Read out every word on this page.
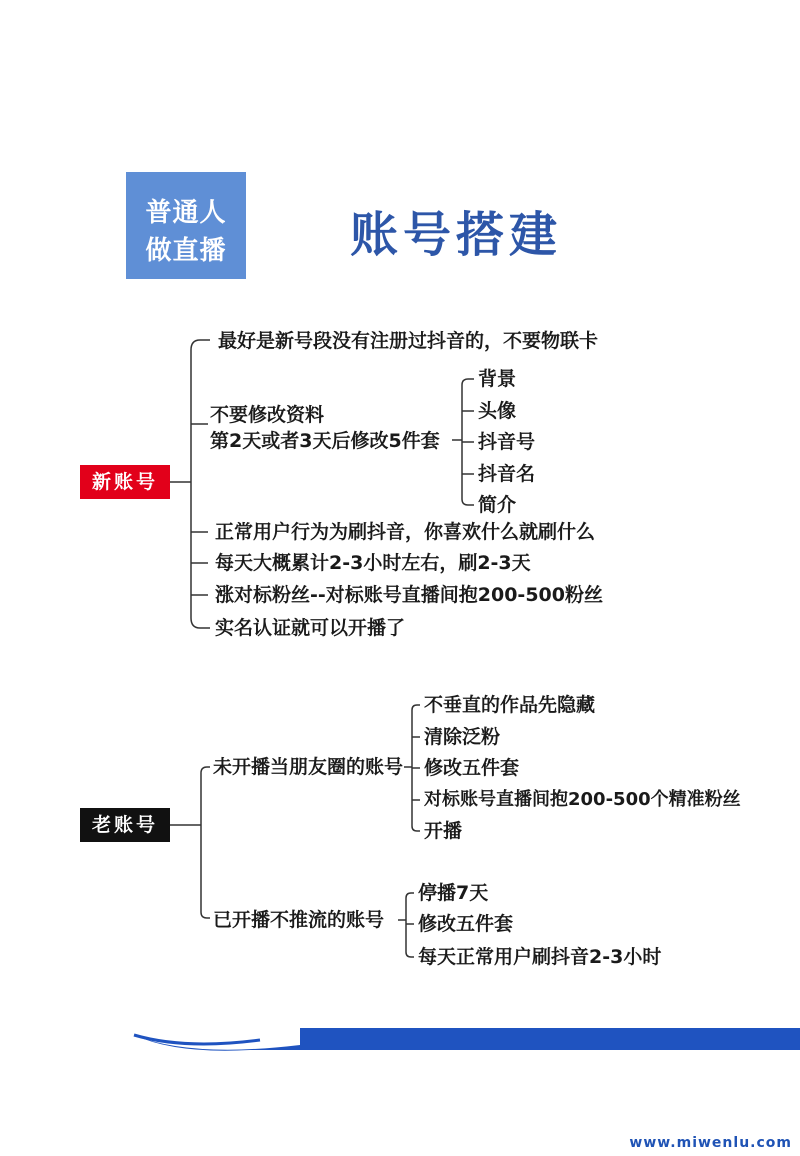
普通人
做直播	账号搭建
新账号
最好是新号段没有注册过抖音的，不要物联卡
不要修改资料
第2天或者3天后修改5件套
背景
头像
抖音号
抖音名
简介
正常用户行为为刷抖音，你喜欢什么就刷什么
每天大概累计2-3小时左右，刷2-3天
涨对标粉丝--对标账号直播间抱200-500粉丝
实名认证就可以开播了
老账号
未开播当朋友圈的账号
不垂直的作品先隐藏
清除泛粉
修改五件套
对标账号直播间抱200-500个精准粉丝
开播
已开播不推流的账号
停播7天
修改五件套
每天正常用户刷抖音2-3小时
www.miwenlu.com
